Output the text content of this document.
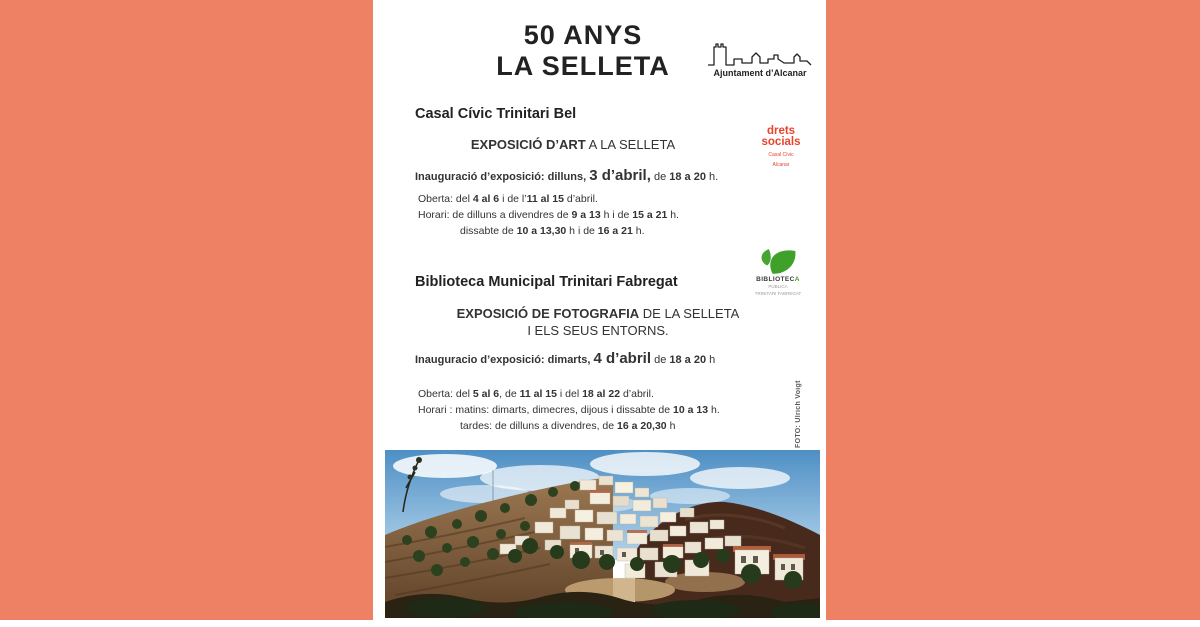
50 ANYS
LA SELLETA	Ajuntament d’Alcanar
Casal Cívic Trinitari Bel
EXPOSICIÓ D’ART A LA SELLETA
drets
socials
Casal Cívic
Alcanar
Inauguració d’exposició: dilluns, 3 d’abril, de 18 a 20 h.
Oberta: del 4 al 6 i de l’11 al 15 d’abril.
Horari: de dilluns a divendres de 9 a 13 h i de 15 a 21 h.
dissabte de 10 a 13,30 h i de 16 a 21 h.
Biblioteca Municipal Trinitari Fabregat	BIBLIOTECA
PÚBLICA
TRINITARI FABREGAT
EXPOSICIÓ DE FOTOGRAFIA DE LA SELLETA
I ELS SEUS ENTORNS.
Inauguracio d’exposició: dimarts, 4 d’abril de 18 a 20 h
Oberta: del 5 al 6, de 11 al 15 i del 18 al 22 d’abril.
Horari : matins: dimarts, dimecres, dijous i dissabte de 10 a 13 h.
tardes: de dilluns a divendres, de 16 a 20,30 h	FOTO: Ulrich Voigt
